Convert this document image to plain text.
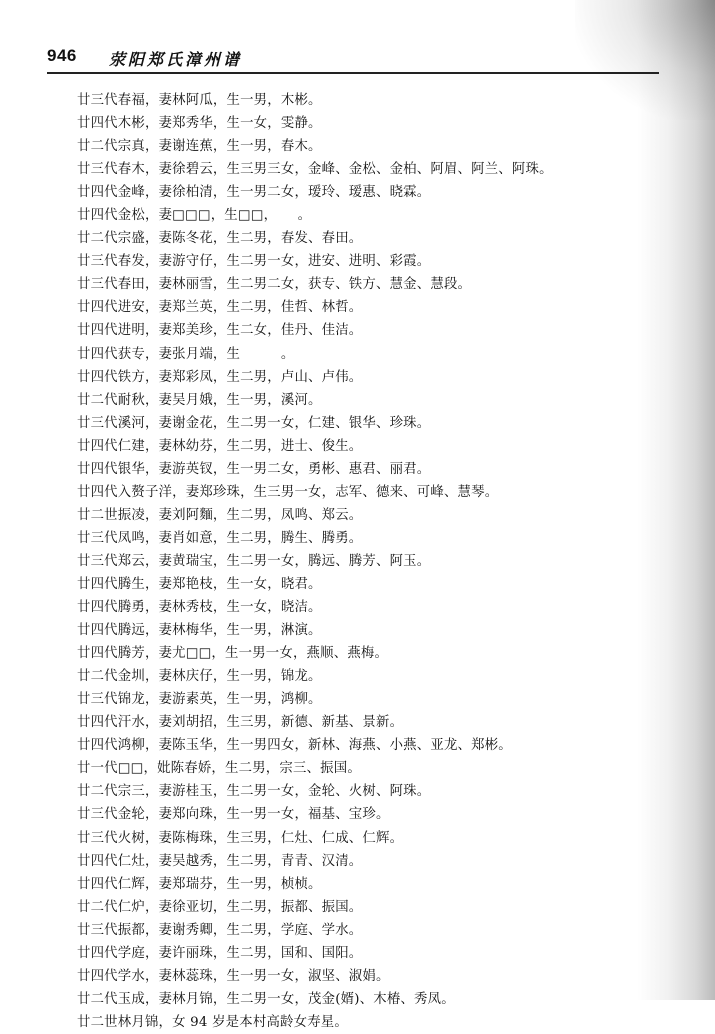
946 荥阳郑氏漳州谱
廿三代春福，妻林阿瓜，生一男，木彬。
廿四代木彬，妻郑秀华，生一女，雯静。
廿二代宗真，妻谢连蕉，生一男，春木。
廿三代春木，妻徐碧云，生三男三女，金峰、金松、金柏、阿眉、阿兰、阿珠。
廿四代金峰，妻徐柏清，生一男二女，瑷玲、瑷惠、晓霖。
廿四代金松，妻□□□，生□□，　　。
廿二代宗盛，妻陈冬花，生二男，春发、春田。
廿三代春发，妻游守仔，生二男一女，进安、进明、彩霞。
廿三代春田，妻林丽雪，生二男二女，获专、铁方、慧金、慧段。
廿四代进安，妻郑兰英，生二男，佳哲、林哲。
廿四代进明，妻郑美珍，生二女，佳丹、佳洁。
廿四代获专，妻张月端，生　　　。
廿四代铁方，妻郑彩凤，生二男，卢山、卢伟。
廿二代耐秋，妻吴月娥，生一男，溪河。
廿三代溪河，妻谢金花，生二男一女，仁建、银华、珍珠。
廿四代仁建，妻林幼芬，生二男，进士、俊生。
廿四代银华，妻游英钗，生一男二女，勇彬、惠君、丽君。
廿四代入赘子洋，妻郑珍珠，生三男一女，志军、德来、可峰、慧琴。
廿二世振凌，妻刘阿麵，生二男，凤鸣、郑云。
廿三代凤鸣，妻肖如意，生二男，腾生、腾勇。
廿三代郑云，妻黄瑞宝，生二男一女，腾远、腾芳、阿玉。
廿四代腾生，妻郑艳枝，生一女，晓君。
廿四代腾勇，妻林秀枝，生一女，晓洁。
廿四代腾远，妻林梅华，生一男，淋演。
廿四代腾芳，妻尤□□，生一男一女，燕顺、燕梅。
廿二代金圳，妻林庆仔，生一男，锦龙。
廿三代锦龙，妻游素英，生一男，鸿柳。
廿四代汗水，妻刘胡招，生三男，新德、新基、景新。
廿四代鸿柳，妻陈玉华，生一男四女，新林、海燕、小燕、亚龙、郑彬。
廿一代□□，妣陈春娇，生二男，宗三、振国。
廿二代宗三，妻游桂玉，生二男一女，金轮、火树、阿珠。
廿三代金轮，妻郑向珠，生一男一女，福基、宝珍。
廿三代火树，妻陈梅珠，生三男，仁灶、仁成、仁辉。
廿四代仁灶，妻吴越秀，生二男，青青、汉清。
廿四代仁辉，妻郑瑞芬，生一男，桢桢。
廿二代仁炉，妻徐亚切，生二男，振都、振国。
廿三代振都，妻谢秀卿，生二男，学庭、学水。
廿四代学庭，妻许丽珠，生二男，国和、国阳。
廿四代学水，妻林蕊珠，生一男一女，淑坚、淑娟。
廿二代玉成，妻林月锦，生二男一女，茂金(婿)、木椿、秀凤。
廿二世林月锦，女 94 岁是本村高龄女寿星。
